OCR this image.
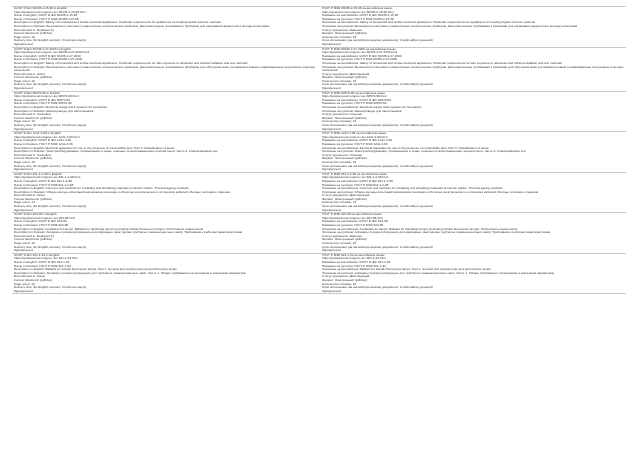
GOST R IEC 60335-2-15-98 in English
https://gostperevod.ru/gost-r-iec-60335-2-15-98.html
Name in English: GOST R IEC 60335-2-15-98
Name in Russian: ГОСТ Р МЭК 60335-2-15-98
Description in English: Safety of household and similar electrical appliances. Particular requirements for appliances for heating liquids and test methods
Description in Russian: Безопасность бытовых и аналогичных электрических приборов. Дополнительные требования к приборам для нагревания жидкостей и методы испытаний
Discontinued in: Replaced by
Format: Electronic (pdf/doc)
Page count: 18
Delivery time (for English version): 2 business day(s)
#gostperevod
ГОСТ Р МЭК 60335-2-15-98 на английском языке
https://gostperevod.ru/gost-r-iec-60335-2-15-98.html
Название на английском: GOST R IEC 60335-2-15-98
Название на русском: ГОСТ Р МЭК 60335-2-15-98
Описание на английском: Safety of household and similar electrical appliances. Particular requirements for appliances for heating liquids and test methods
Описание на русском: Безопасность бытовых и аналогичных электрических приборов. Дополнительные требования к приборам для нагревания жидкостей и методы испытаний
Статус документа: Заменен
Формат: Электронный (pdf/doc)
Количество страниц: 18
Срок исполнения (на английскую версию документа): 2 рабочий(их) день(ей)
#gostperevod
GOST R IEC 60335-2-27-2000 in English
https://gostperevod.ru/gost-r-iec-60335-2-27-2000.html
Name in English: GOST R IEC 60335-2-27-2000
Name in Russian: ГОСТ Р МЭК 60335-2-27-2000
Description in English: Safety of household and similar electrical appliances. Particular requirements for skin exposure to ultraviolet and infrared radiation and test methods
Description in Russian: Безопасность бытовых и аналогичных электрических приборов. Дополнительные требования к приборам для облучения кожи ультрафиолетовым и инфракрасным излучением и методы испытаний
Discontinued in: Active
Format: Electronic (pdf/doc)
Page count: 16
Delivery time (for English version): 2 business day(s)
#gostperevod
ГОСТ Р МЭК 60335-2-27-2000 на английском языке
https://gostperevod.ru/gost-r-iec-60335-2-27-2000.html
Название на английском: GOST R IEC 60335-2-27-2000
Название на русском: ГОСТ Р МЭК 60335-2-27-2000
Описание на английском: Safety of household and similar electrical appliances. Particular requirements for skin exposure to ultraviolet and infrared radiation and test methods
Описание на русском: Безопасность бытовых и аналогичных электрических приборов. Дополнительные требования к приборам для облучения кожи ультрафиолетовым и инфракрасным излучением и методы испытаний
Статус документа: Действующий
Формат: Электронный (pdf/doc)
Количество страниц: 16
Срок исполнения (на английскую версию документа): 2 рабочий(их) день(ей)
#gostperevod
GOST R IEC 60570-99 in English
https://gostperevod.ru/gost-r-iec-60570-99.html
Name in English: GOST R IEC 60570-99
Name in Russian: ГОСТ Р МЭК 60570-99
Description in English: Electrical supply track systems for luminaires
Description in Russian: Шинопроводы для светильников
Discontinued in: Cancelled
Format: Electronic (pdf/doc)
Page count: 19
Delivery time (for English version): 2 business day(s)
#gostperevod
ГОСТ Р МЭК 60570-99 на английском языке
https://gostperevod.ru/gost-r-iec-60570-99.html
Название на английском: GOST R IEC 60570-99
Название на русском: ГОСТ Р МЭК 60570-99
Описание на английском: Electrical supply track systems for luminaires
Описание на русском: Шинопроводы для светильников
Статус документа: Отменен
Формат: Электронный (pdf/doc)
Количество страниц: 19
Срок исполнения (на английскую версию документа): 2 рабочий(их) день(ей)
#gostperevod
GOST R IEC 1241-3-99 in English
https://gostperevod.ru/gost-r-iec-1241-3-99.html
Name in English: GOST R IEC 1241-3-99
Name in Russian: ГОСТ Р МЭК 1241-3-99
Description in English: Electrical apparatus for use in the presence of combustible dust. Part 3. Classification of areas
Description in Russian: Электрооборудование, применяемое в зонах, опасных по воспламенению горючей пыли. Часть 3. Классификация зон
Discontinued in: Cancelled
Format: Electronic (pdf/doc)
Page count: 15
Delivery time (for English version): 2 business day(s)
#gostperevod
ГОСТ Р МЭК 1241-3-99 на английском языке
https://gostperevod.ru/gost-r-iec-1241-3-99.html
Название на английском: GOST R IEC 1241-3-99
Название на русском: ГОСТ Р МЭК 1241-3-99
Описание на английском: Electrical apparatus for use in the presence of combustible dust. Part 3. Classification of areas
Описание на русском: Электрооборудование, применяемое в зонах, опасных по воспламенению горючей пыли. Часть 3. Классификация зон
Статус документа: Отменен
Формат: Электронный (pdf/doc)
Количество страниц: 15
Срок исполнения (на английскую версию документа): 2 рабочий(их) день(ей)
#gostperevod
GOST R IEC 811-1-2-98 in English
https://gostperevod.ru/gost-r-iec-811-1-2-98.html
Name in English: GOST R IEC 811-1-2-98
Name in Russian: ГОСТ Р МЭК 811-1-2-98
Description in English: Common test methods for insulating and sheathing materials of electric cables. Thermal ageing methods
Description in Russian: Общие методы испытаний материалов изоляции и оболочек электрических и оптических кабелей. Методы теплового старения
Discontinued in: Active
Format: Electronic (pdf/doc)
Page count: 14
Delivery time (for English version): 2 business day(s)
#gostperevod
ГОСТ Р МЭК 811-1-2-98 на английском языке
https://gostperevod.ru/gost-r-iec-811-1-2-98.html
Название на английском: GOST R IEC 811-1-2-98
Название на русском: ГОСТ Р МЭК 811-1-2-98
Описание на английском: Common test methods for insulating and sheathing materials of electric cables. Thermal ageing methods
Описание на русском: Общие методы испытаний материалов изоляции и оболочек электрических и оптических кабелей. Методы теплового старения
Статус документа: Действующий
Формат: Электронный (pdf/doc)
Количество страниц: 14
Срок исполнения (на английскую версию документа): 2 рабочий(их) день(ей)
#gostperevod
GOST R IEC 923-98 in English
https://gostperevod.ru/gost-r-iec-923-98.html
Name in English: GOST R IEC 923-98
Name in Russian: ГОСТ Р МЭК 923-98
Description in English: Auxiliaries for lamps. Ballasts for discharge lamps (excluding tubular fluorescent lamps). Performance requirements
Description in Russian: Аппараты пускорегулирующие для разрядных ламп (кроме трубчатых люминесцентных ламп). Требования к рабочим характеристикам
Discontinued in: Replaced by
Format: Electronic (pdf/doc)
Page count: 16
Delivery time (for English version): 2 business day(s)
#gostperevod
ГОСТ Р МЭК 923-98 на английском языке
https://gostperevod.ru/gost-r-iec-923-98.html
Название на английском: GOST R IEC 923-98
Название на русском: ГОСТ Р МЭК 923-98
Описание на английском: Auxiliaries for lamps. Ballasts for discharge lamps (excluding tubular fluorescent lamps). Performance requirements
Описание на русском: Аппараты пускорегулирующие для разрядных ламп (кроме трубчатых люминесцентных ламп). Требования к рабочим характеристикам
Статус документа: Заменен
Формат: Электронный (pdf/doc)
Количество страниц: 16
Срок исполнения (на английскую версию документа): 2 рабочий(их) день(ей)
#gostperevod
GOST R IEC 921-1-93 in English
https://gostperevod.ru/gost-r-iec-921-1-93.html
Name in English: GOST R IEC 921-1-93
Name in Russian: ГОСТ Р МЭК 921-1-93
Description in English: Ballasts for tubular fluorescent lamps. Part 1. General test requirements and performance levels
Description in Russian: Аппараты пускорегулирующие для трубчатых люминесцентных ламп. Часть 1. Общие требования к испытаниям и значениям параметров
Discontinued in: Active
Format: Electronic (pdf/doc)
Page count: 16
Delivery time (for English version): 2 business day(s)
#gostperevod
ГОСТ Р МЭК 921-1-93 на английском языке
https://gostperevod.ru/gost-r-iec-921-1-93.html
Название на английском: GOST R IEC 921-1-93
Название на русском: ГОСТ Р МЭК 921-1-93
Описание на английском: Ballasts for tubular fluorescent lamps. Part 1. General test requirements and performance levels
Описание на русском: Аппараты пускорегулирующие для трубчатых люминесцентных ламп. Часть 1. Общие требования к испытаниям и значениям параметров
Статус документа: Действующий
Формат: Электронный (pdf/doc)
Количество страниц: 16
Срок исполнения (на английскую версию документа): 2 рабочий(их) день(ей)
#gostperevod
